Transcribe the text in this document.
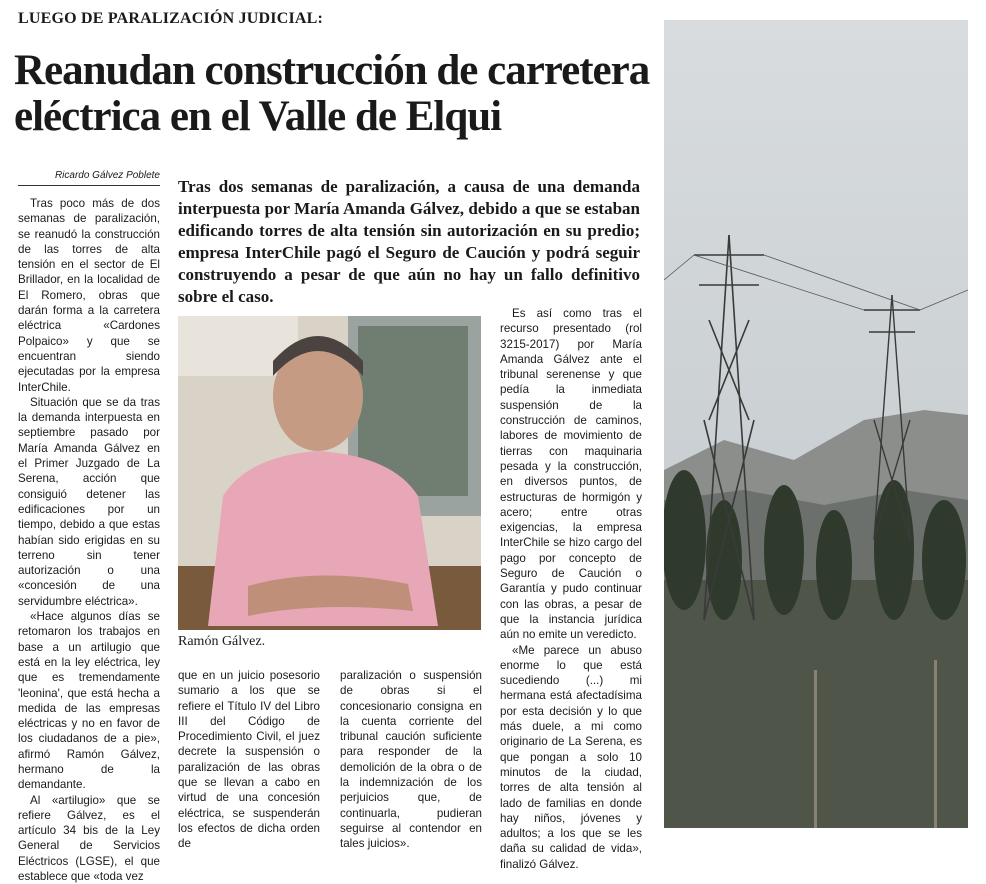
LUEGO DE PARALIZACIÓN JUDICIAL:
Reanudan construcción de carretera eléctrica en el Valle de Elqui
Ricardo Gálvez Poblete
Tras dos semanas de paralización, a causa de una demanda interpuesta por María Amanda Gálvez, debido a que se estaban edificando torres de alta tensión sin autorización en su predio; empresa InterChile pagó el Seguro de Caución y podrá seguir construyendo a pesar de que aún no hay un fallo definitivo sobre el caso.

Tras poco más de dos semanas de paralización, se reanudó la construcción de las torres de alta tensión en el sector de El Brillador, en la localidad de El Romero, obras que darán forma a la carretera eléctrica «Cardones Polpaico» y que se encuentran siendo ejecutadas por la empresa InterChile.

Situación que se da tras la demanda interpuesta en septiembre pasado por María Amanda Gálvez en el Primer Juzgado de La Serena, acción que consiguió detener las edificaciones por un tiempo, debido a que estas habían sido erigidas en su terreno sin tener autorización o una «concesión de una servidumbre eléctrica».

«Hace algunos días se retomaron los trabajos en base a un artilugio que está en la ley eléctrica, ley que es tremendamente 'leonina', que está hecha a medida de las empresas eléctricas y no en favor de los ciudadanos de a pie», afirmó Ramón Gálvez, hermano de la demandante.

Al «artilugio» que se refiere Gálvez, es el artículo 34 bis de la Ley General de Servicios Eléctricos (LGSE), el que establece que «toda vez

Ramón Gálvez.

que en un juicio posesorio sumario a los que se refiere el Título IV del Libro III del Código de Procedimiento Civil, el juez decrete la suspensión o paralización de las obras que se llevan a cabo en virtud de una concesión eléctrica, se suspenderán los efectos de dicha orden de

paralización o suspensión de obras si el concesionario consigna en la cuenta corriente del tribunal caución suficiente para responder de la demolición de la obra o de la indemnización de los perjuicios que, de continuarla, pudieran seguirse al contendor en tales juicios».

Es así como tras el recurso presentado (rol 3215-2017) por María Amanda Gálvez ante el tribunal serenense y que pedía la inmediata suspensión de la construcción de caminos, labores de movimiento de tierras con maquinaria pesada y la construcción, en diversos puntos, de estructuras de hormigón y acero; entre otras exigencias, la empresa InterChile se hizo cargo del pago por concepto de Seguro de Caución o Garantía y pudo continuar con las obras, a pesar de que la instancia jurídica aún no emite un veredicto.

«Me parece un abuso enorme lo que está sucediendo (...) mi hermana está afectadísima por esta decisión y lo que más duele, a mi como originario de La Serena, es que pongan a solo 10 minutos de la ciudad, torres de alta tensión al lado de familias en donde hay niños, jóvenes y adultos; a los que se les daña su calidad de vida», finalizó Gálvez.
